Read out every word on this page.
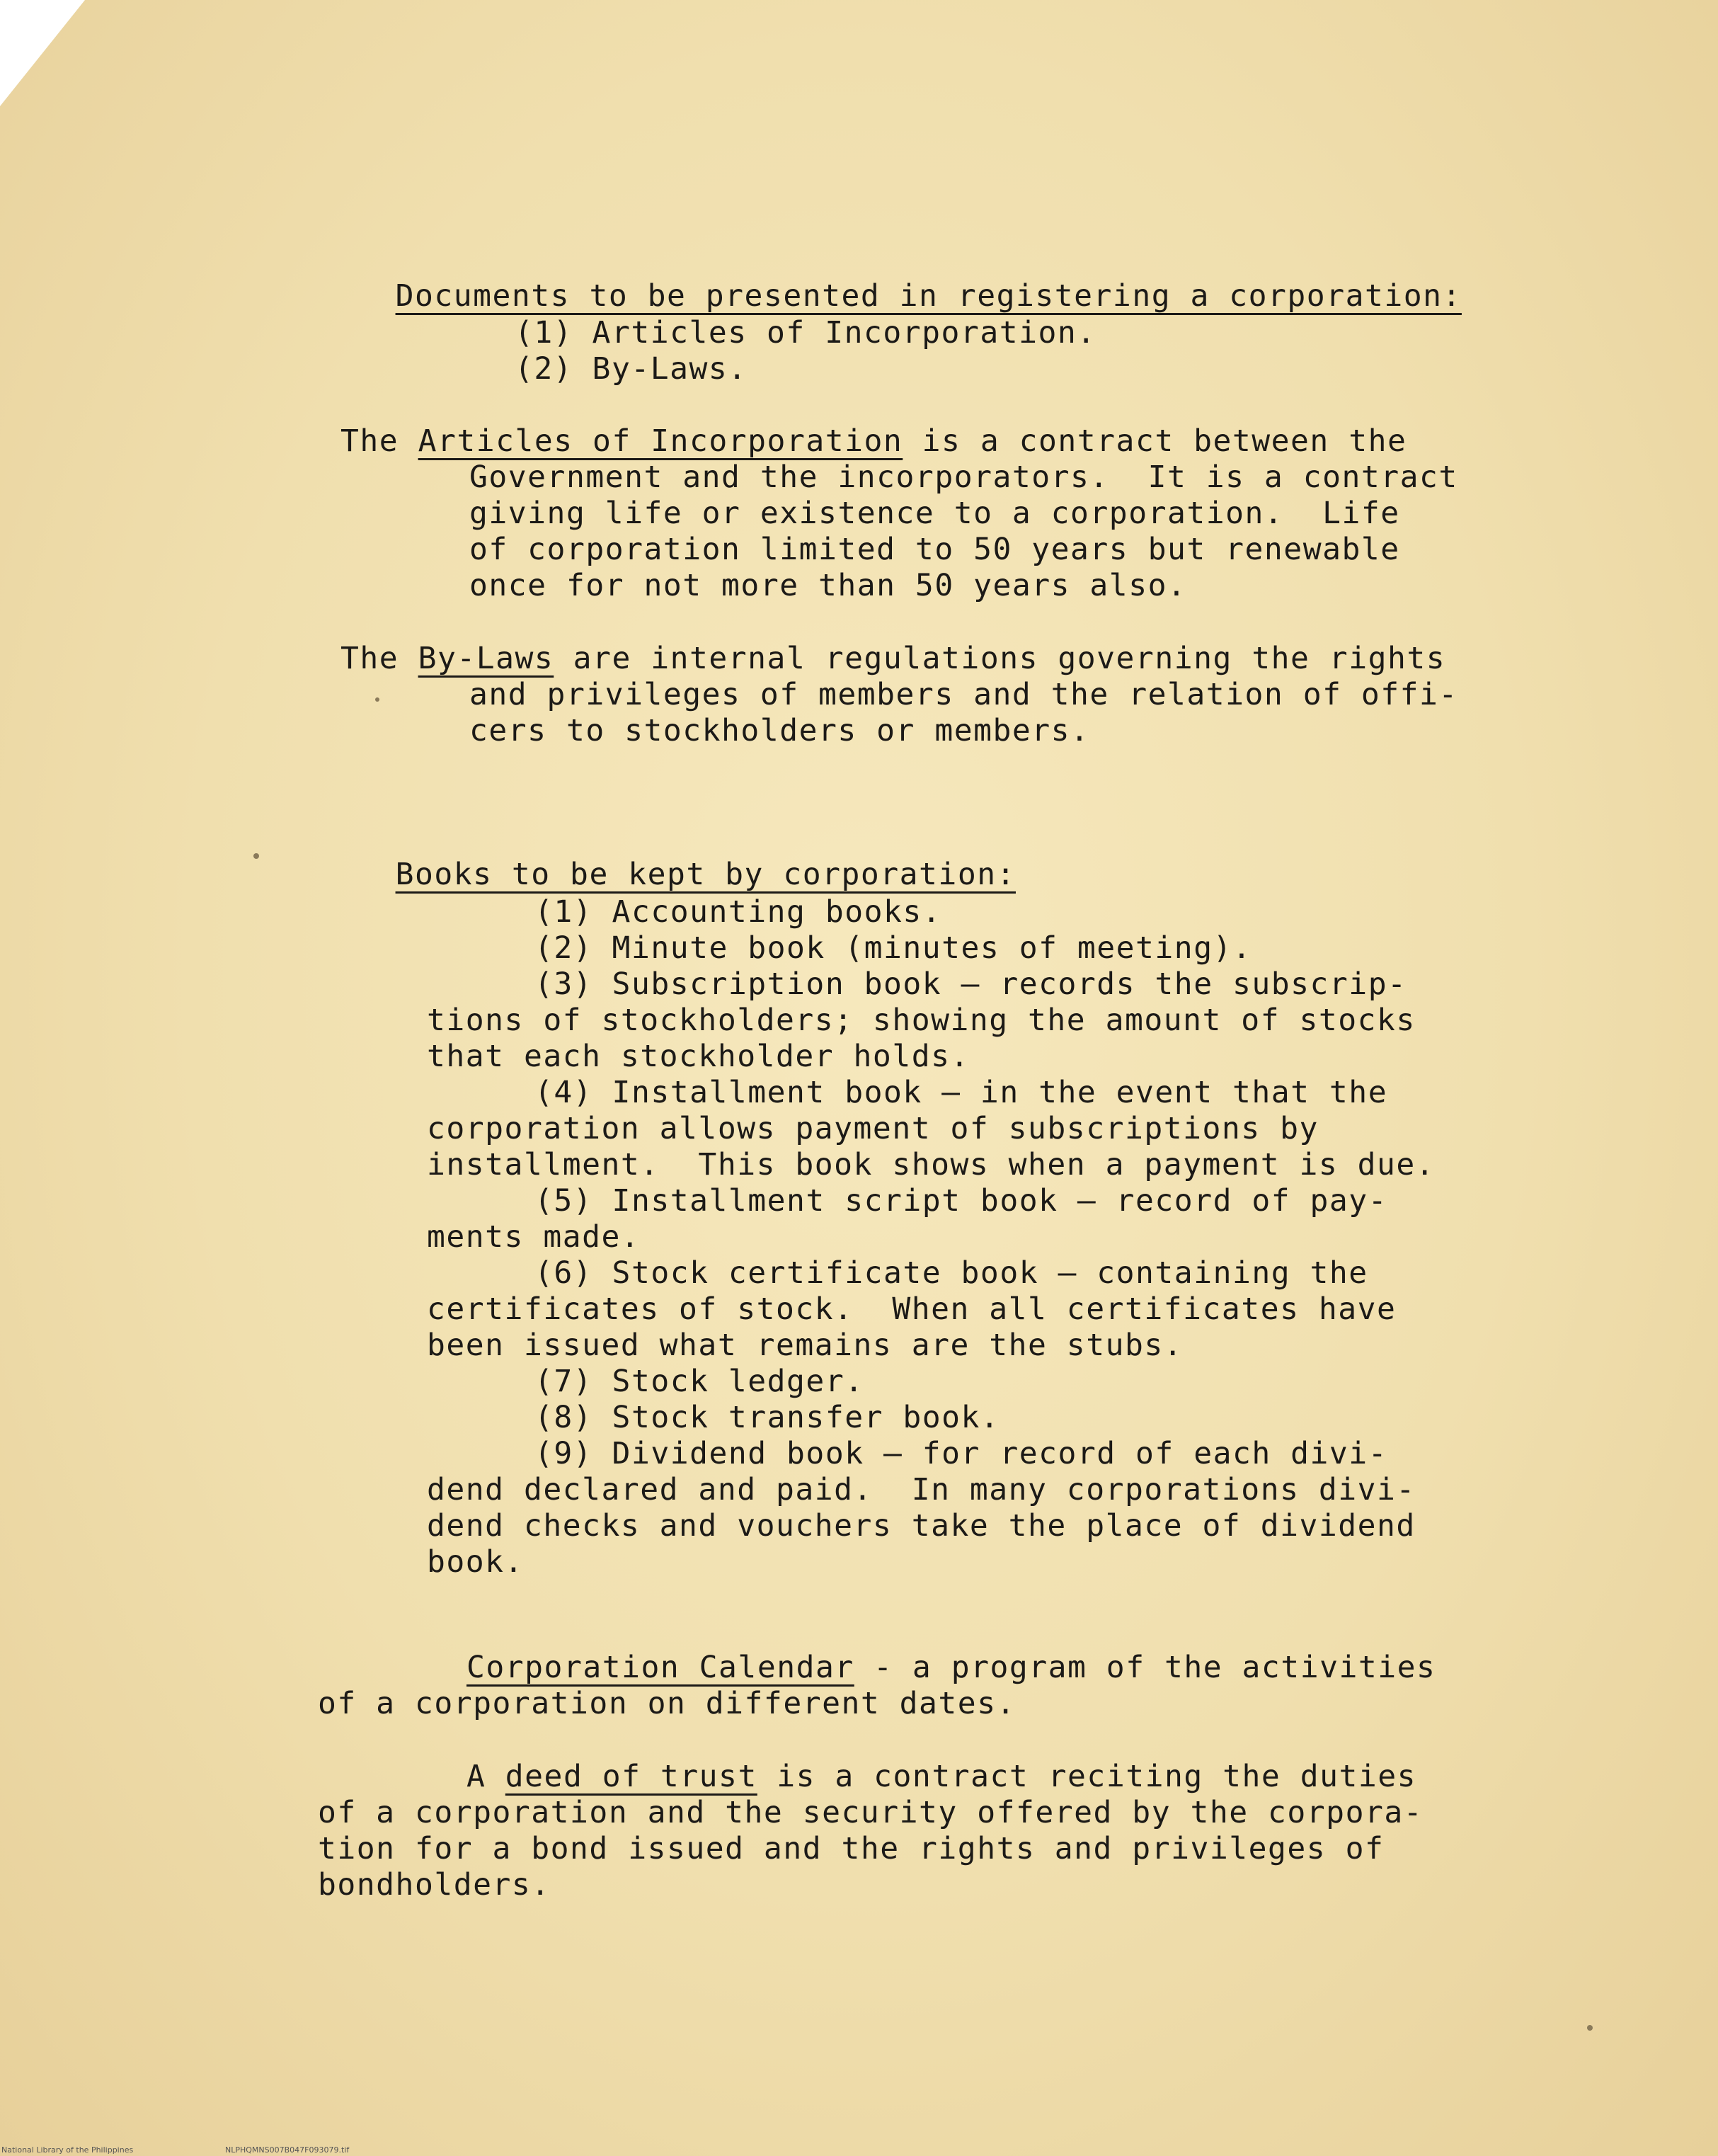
Documents to be presented in registering a corporation:

(1) Articles of Incorporation.
(2) By-Laws.
The Articles of Incorporation is a contract between the
Government and the incorporators.  It is a contract
giving life or existence to a corporation.  Life
of corporation limited to 50 years but renewable
once for not more than 50 years also.
The By-Laws are internal regulations governing the rights
and privileges of members and the relation of offi-
cers to stockholders or members.

Books to be kept by corporation:

(1) Accounting books.
(2) Minute book (minutes of meeting).
(3) Subscription book — records the subscrip-
tions of stockholders; showing the amount of stocks
that each stockholder holds.
(4) Installment book — in the event that the
corporation allows payment of subscriptions by
installment.  This book shows when a payment is due.
(5) Installment script book — record of pay-
ments made.
(6) Stock certificate book — containing the
certificates of stock.  When all certificates have
been issued what remains are the stubs.
(7) Stock ledger.
(8) Stock transfer book.
(9) Dividend book — for record of each divi-
dend declared and paid.  In many corporations divi-
dend checks and vouchers take the place of dividend
book.
Corporation Calendar - a program of the activities
of a corporation on different dates.
A deed of trust is a contract reciting the duties
of a corporation and the security offered by the corpora-
tion for a bond issued and the rights and privileges of
bondholders.
National Library of the Philippines	NLPHQMNS007B047F093079.tif
